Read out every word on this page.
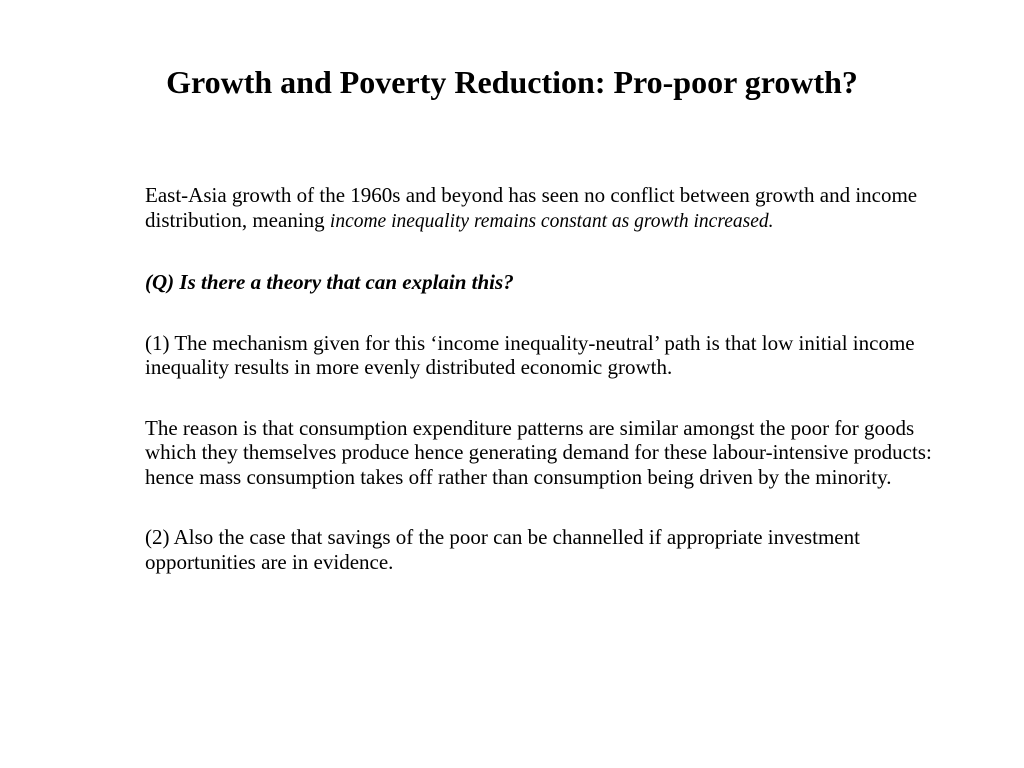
Growth and Poverty Reduction: Pro-poor growth?

East-Asia growth of the 1960s and beyond has seen no conflict between growth and income distribution, meaning income inequality remains constant as growth increased.

(Q) Is there a theory that can explain this?

(1) The mechanism given for this ‘income inequality-neutral’ path is that low initial income inequality results in more evenly distributed economic growth.

The reason is that consumption expenditure patterns are similar amongst the poor for goods which they themselves produce hence generating demand for these labour-intensive products: hence mass consumption takes off rather than consumption being driven by the minority.

(2) Also the case that savings of the poor can be channelled if appropriate investment opportunities are in evidence.
